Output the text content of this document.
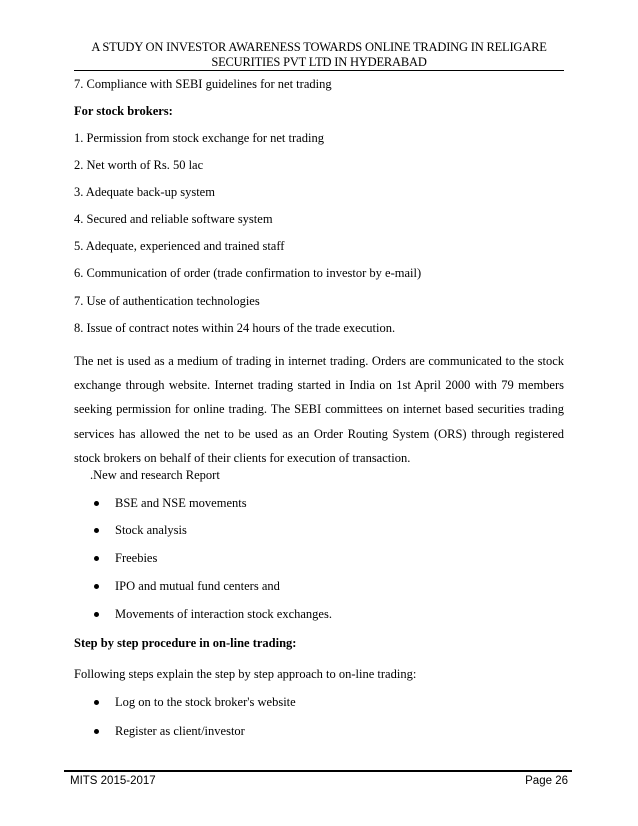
A STUDY ON INVESTOR AWARENESS TOWARDS ONLINE TRADING IN RELIGARE
SECURITIES PVT LTD IN HYDERABAD
7. Compliance with SEBI guidelines for net trading
For stock brokers:
1. Permission from stock exchange for net trading
2. Net worth of Rs. 50 lac
3. Adequate back-up system
4. Secured and reliable software system
5. Adequate, experienced and trained staff
6. Communication of order (trade confirmation to investor by e-mail)
7. Use of authentication technologies
8. Issue of contract notes within 24 hours of the trade execution.
The net is used as a medium of trading in internet trading. Orders are communicated to the stock exchange through website. Internet trading started in India on 1st April 2000 with 79 members seeking permission for online trading. The SEBI committees on internet based securities trading services has allowed the net to be used as an Order Routing System (ORS) through registered stock brokers on behalf of their clients for execution of transaction.
.New and research Report
BSE and NSE movements
Stock analysis
Freebies
IPO and mutual fund centers and
Movements of interaction stock exchanges.
Step by step procedure in on-line trading:
Following steps explain the step by step approach to on-line trading:
Log on to the stock broker's website
Register as client/investor
MITS 2015-2017	Page 26
